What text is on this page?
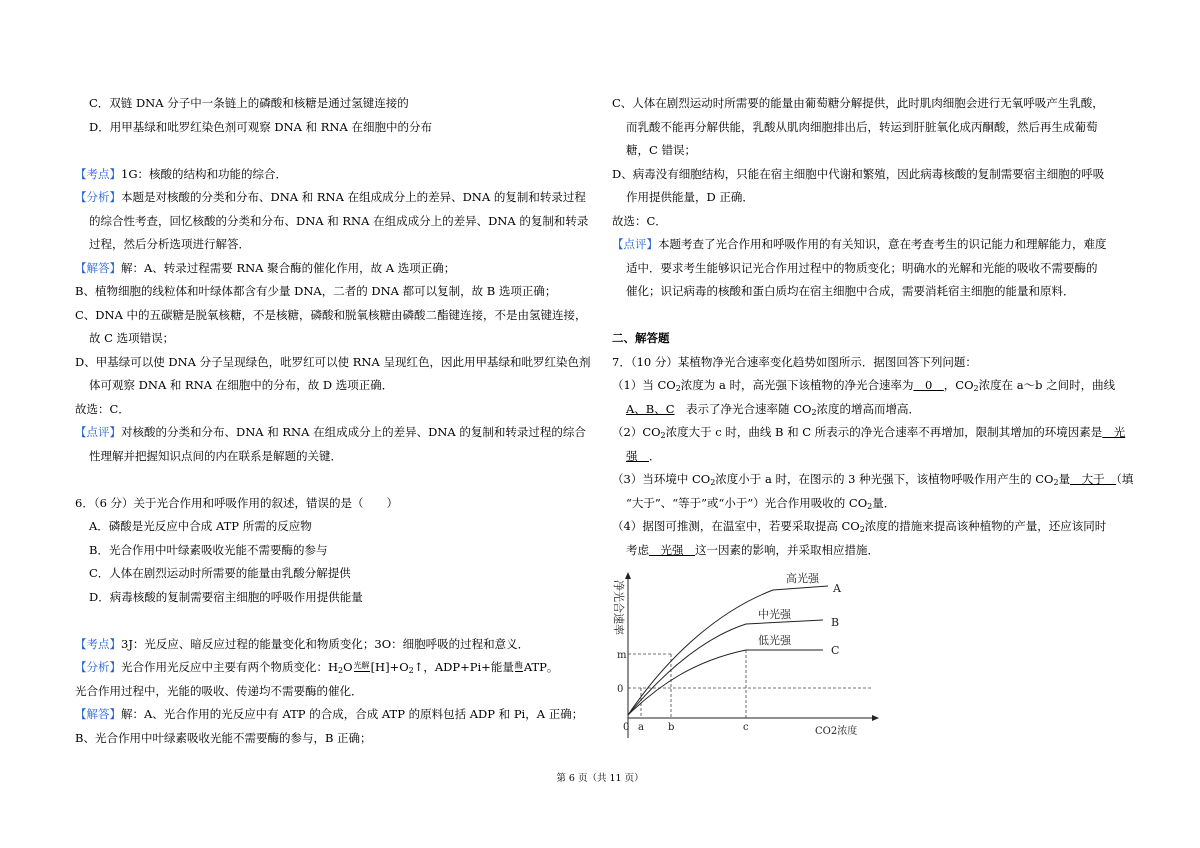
C．双链 DNA 分子中一条链上的磷酸和核糖是通过氢键连接的
D．用甲基绿和吡罗红染色剂可观察 DNA 和 RNA 在细胞中的分布
【考点】1G：核酸的结构和功能的综合．
【分析】本题是对核酸的分类和分布、DNA 和 RNA 在组成成分上的差异、DNA 的复制和转录过程
的综合性考查，回忆核酸的分类和分布、DNA 和 RNA 在组成成分上的差异、DNA 的复制和转录
过程，然后分析选项进行解答．
【解答】解：A、转录过程需要 RNA 聚合酶的催化作用，故 A 选项正确；
B、植物细胞的线粒体和叶绿体都含有少量 DNA，二者的 DNA 都可以复制，故 B 选项正确；
C、DNA 中的五碳糖是脱氧核糖，不是核糖，磷酸和脱氧核糖由磷酸二酯键连接，不是由氢键连接，
故 C 选项错误；
D、甲基绿可以使 DNA 分子呈现绿色，吡罗红可以使 RNA 呈现红色，因此用甲基绿和吡罗红染色剂
体可观察 DNA 和 RNA 在细胞中的分布，故 D 选项正确．
故选：C．
【点评】对核酸的分类和分布、DNA 和 RNA 在组成成分上的差异、DNA 的复制和转录过程的综合
性理解并把握知识点间的内在联系是解题的关键．
6．（6 分）关于光合作用和呼吸作用的叙述，错误的是（　　）
A．磷酸是光反应中合成 ATP 所需的反应物
B．光合作用中叶绿素吸收光能不需要酶的参与
C．人体在剧烈运动时所需要的能量由乳酸分解提供
D．病毒核酸的复制需要宿主细胞的呼吸作用提供能量
【考点】3J：光反应、暗反应过程的能量变化和物质变化；3O：细胞呼吸的过程和意义．
【分析】光合作用光反应中主要有两个物质变化：$H_2O$ 光解 $[H]+O_2↑$，ADP+Pi+能量 酶 ATP。
光合作用过程中，光能的吸收、传递均不需要酶的催化．
【解答】解：A、光合作用的光反应中有 ATP 的合成，合成 ATP 的原料包括 ADP 和 Pi，A 正确；
B、光合作用中叶绿素吸收光能不需要酶的参与，B 正确；
C、人体在剧烈运动时所需要的能量由葡萄糖分解提供，此时肌肉细胞会进行无氧呼吸产生乳酸，
而乳酸不能再分解供能，乳酸从肌肉细胞排出后，转运到肝脏氧化成丙酮酸，然后再生成葡萄
糖，C 错误；
D、病毒没有细胞结构，只能在宿主细胞中代谢和繁殖，因此病毒核酸的复制需要宿主细胞的呼吸
作用提供能量，D 正确．
故选：C．
【点评】本题考查了光合作用和呼吸作用的有关知识，意在考查考生的识记能力和理解能力，难度
适中．要求考生能够识记光合作用过程中的物质变化；明确水的光解和光能的吸收不需要酶的
催化；识记病毒的核酸和蛋白质均在宿主细胞中合成，需要消耗宿主细胞的能量和原料．
二、解答题
7．（10 分）某植物净光合速率变化趋势如图所示．据图回答下列问题：
（1）当 $CO_2$浓度为 a 时，高光强下该植物的净光合速率为　0　，$CO_2$浓度在 a～b 之间时，曲线
A、B、C　表示了净光合速率随 $CO_2$浓度的增高而增高．
$(2)CO_2$浓度大于 c 时，曲线 B 和 C 所表示的净光合速率不再增加，限制其增加的环境因素是　光
强　．
（3）当环境中 $CO_2$浓度小于 a 时，在图示的 3 种光强下，该植物呼吸作用产生的 $CO_2$量　大于　（填
“大于”、“等于”或“小于”）光合作用吸收的 $CO_2$量．
（4）据图可推测，在温室中，若要采取提高 $CO_2$浓度的措施来提高该种植物的产量，还应该同时
考虑　光强　这一因素的影响，并采取相应措施．
高光强
A
中光强
B
低光强
C
净光合速率
m
0
0 a b	c	CO2浓度
第 6 页（共 11 页）
